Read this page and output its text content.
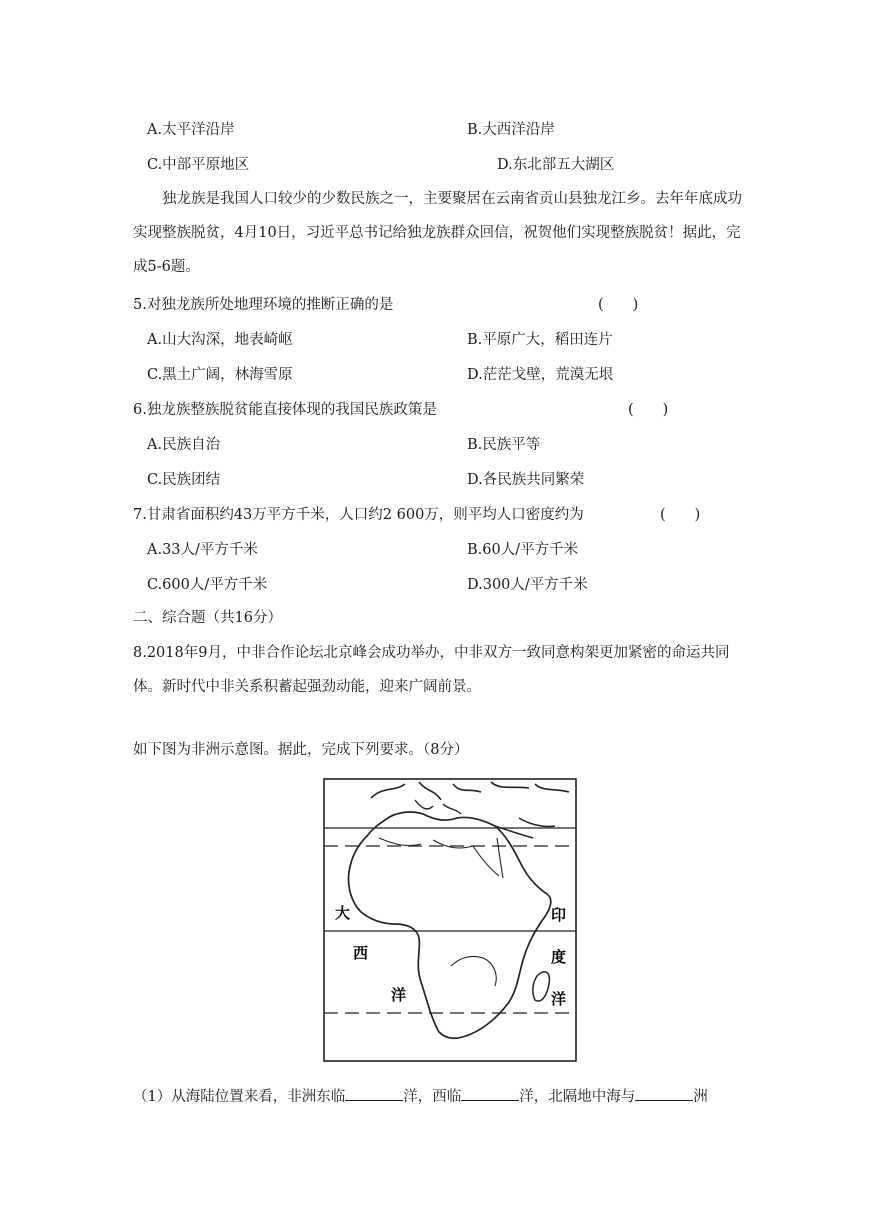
A.太平洋沿岸	B.大西洋沿岸
C.中部平原地区	D.东北部五大湖区
独龙族是我国人口较少的少数民族之一，主要聚居在云南省贡山县独龙江乡。去年年底成功实现整族脱贫，4月10日，习近平总书记给独龙族群众回信，祝贺他们实现整族脱贫！据此，完成5-6题。
5.对独龙族所处地理环境的推断正确的是	(　　)
A.山大沟深，地表崎岖	B.平原广大，稻田连片
C.黑土广阔，林海雪原	D.茫茫戈壁，荒漠无垠
6.独龙族整族脱贫能直接体现的我国民族政策是	(　　)
A.民族自治	B.民族平等
C.民族团结	D.各民族共同繁荣
7.甘肃省面积约43万平方千米，人口约2 600万，则平均人口密度约为	(　　)
A.33人/平方千米	B.60人/平方千米
C.600人/平方千米	D.300人/平方千米
二、综合题（共16分）
8.2018年9月，中非合作论坛北京峰会成功举办，中非双方一致同意构架更加紧密的命运共同体。新时代中非关系积蓄起强劲动能，迎来广阔前景。
如下图为非洲示意图。据此，完成下列要求。（8分）
大
西
洋
印
度
洋
（1）从海陆位置来看，非洲东临	洋，西临	洋，北隔地中海与	洲
